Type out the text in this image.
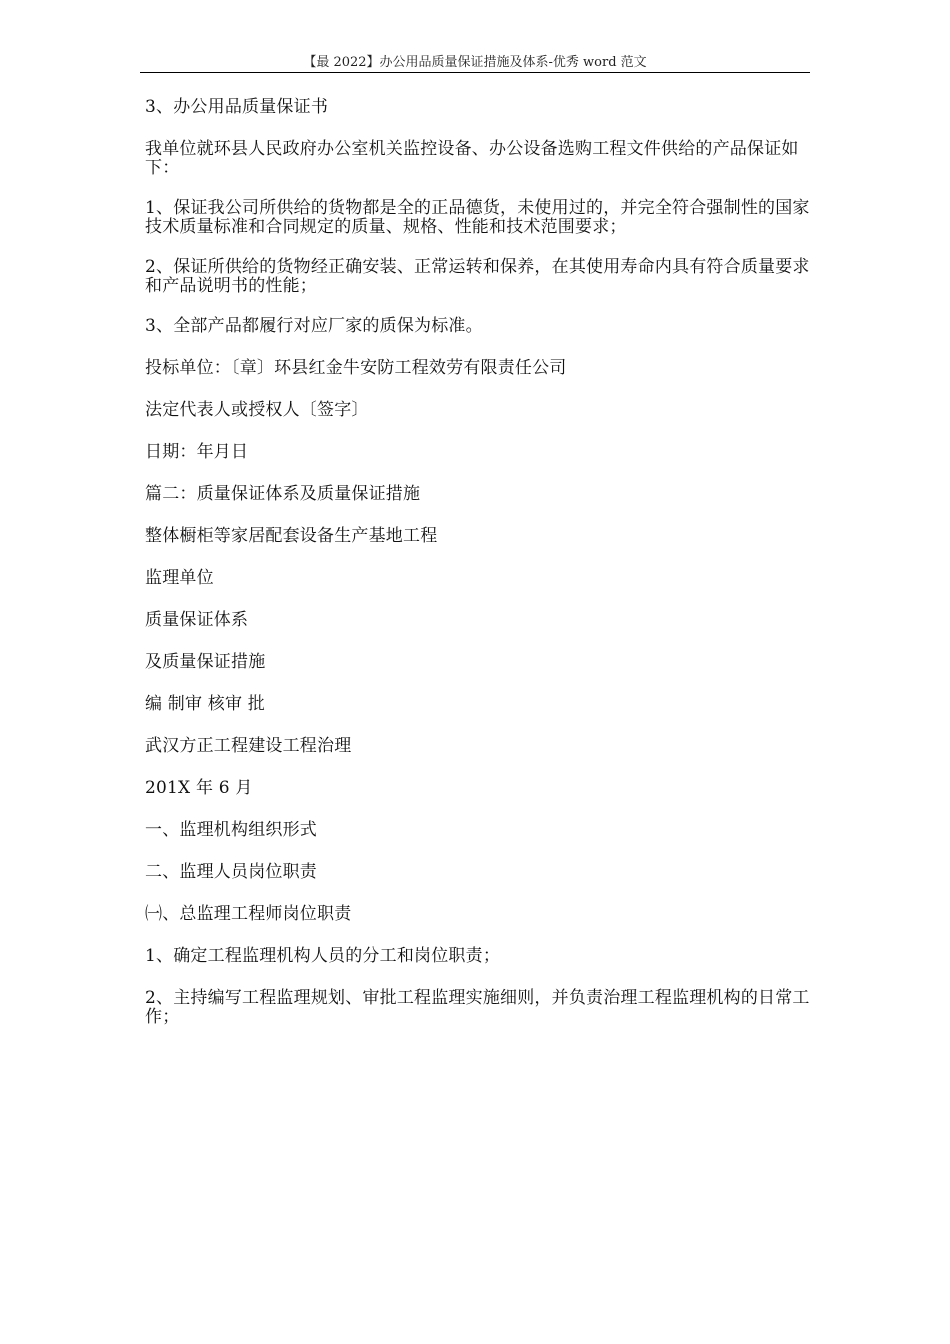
【最 2022】办公用品质量保证措施及体系-优秀 word 范文

3、办公用品质量保证书

我单位就环县人民政府办公室机关监控设备、办公设备选购工程文件供给的产品保证如下：

1、保证我公司所供给的货物都是全的正品德货，未使用过的，并完全符合强制性的国家技术质量标准和合同规定的质量、规格、性能和技术范围要求；

2、保证所供给的货物经正确安装、正常运转和保养，在其使用寿命内具有符合质量要求和产品说明书的性能；

3、全部产品都履行对应厂家的质保为标准。

投标单位：〔章〕环县红金牛安防工程效劳有限责任公司

法定代表人或授权人〔签字〕

日期：年月日

篇二：质量保证体系及质量保证措施

整体橱柜等家居配套设备生产基地工程

监理单位

质量保证体系

及质量保证措施

编 制审 核审 批

武汉方正工程建设工程治理

201X 年 6 月

一、监理机构组织形式

二、监理人员岗位职责

㈠、总监理工程师岗位职责

1、确定工程监理机构人员的分工和岗位职责；

2、主持编写工程监理规划、审批工程监理实施细则，并负责治理工程监理机构的日常工作；
